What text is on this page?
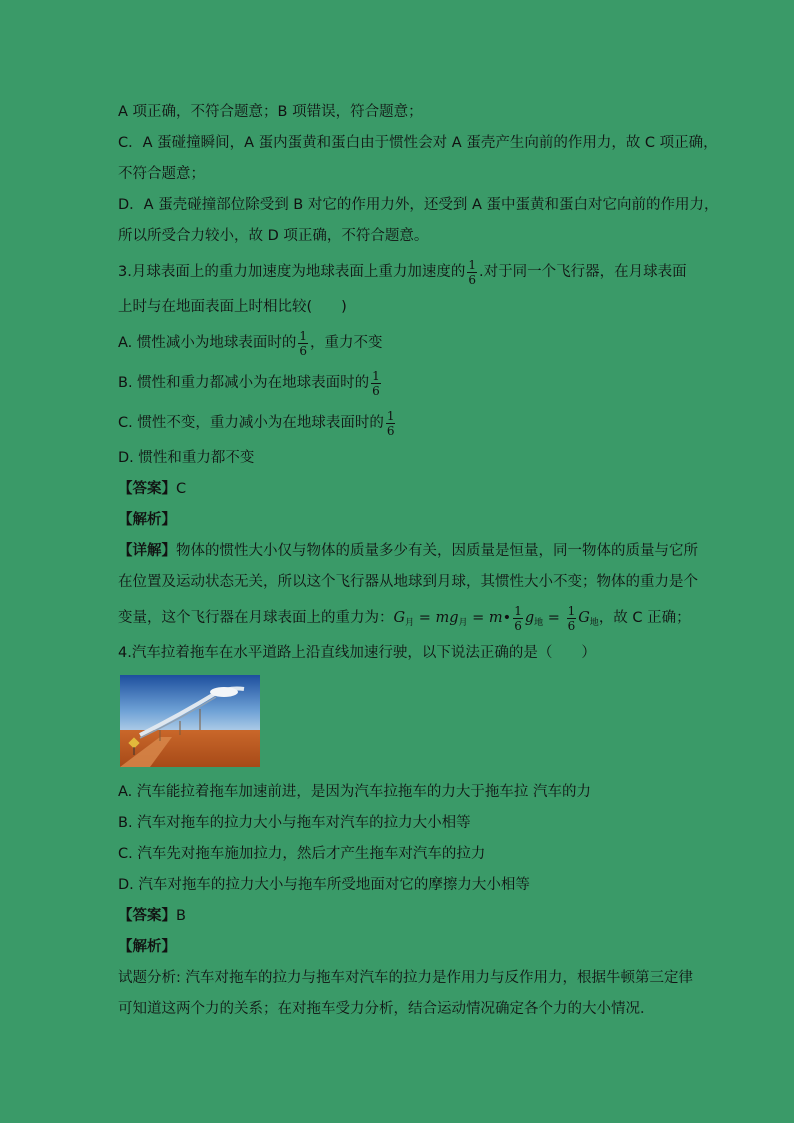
A 项正确，不符合题意；B 项错误，符合题意；
C．A 蛋碰撞瞬间，A 蛋内蛋黄和蛋白由于惯性会对 A 蛋壳产生向前的作用力，故 C 项正确，
不符合题意；
D．A 蛋壳碰撞部位除受到 B 对它的作用力外，还受到 A 蛋中蛋黄和蛋白对它向前的作用力，
所以所受合力较小，故 D 项正确，不符合题意。
3.月球表面上的重力加速度为地球表面上重力加速度的 $\frac{1}{6}$ .对于同一个飞行器，在月球表面
上时与在地面表面上时相比较(　　)
A. 惯性减小为地球表面时的 $\frac{1}{6}$ ，重力不变
B. 惯性和重力都减小为在地球表面时的 $\frac{1}{6}$
C. 惯性不变，重力减小为在地球表面时的 $\frac{1}{6}$
D. 惯性和重力都不变
【答案】C
【解析】
【详解】物体的惯性大小仅与物体的质量多少有关，因质量是恒量，同一物体的质量与它所
在位置及运动状态无关，所以这个飞行器从地球到月球，其惯性大小不变；物体的重力是个
变量，这个飞行器在月球表面上的重力为：$G_月 = mg_月$ = m• $\frac{1}{6} g_地 = \frac{1}{6} G_地$，故 C 正确；
4.汽车拉着拖车在水平道路上沿直线加速行驶，以下说法正确的是（　　）
A. 汽车能拉着拖车加速前进，是因为汽车拉拖车的力大于拖车拉 汽车的力
B. 汽车对拖车的拉力大小与拖车对汽车的拉力大小相等
C. 汽车先对拖车施加拉力，然后才产生拖车对汽车的拉力
D. 汽车对拖车的拉力大小与拖车所受地面对它的摩擦力大小相等
【答案】B
【解析】
试题分析: 汽车对拖车的拉力与拖车对汽车的拉力是作用力与反作用力，根据牛顿第三定律
可知道这两个力的关系；在对拖车受力分析，结合运动情况确定各个力的大小情况．
